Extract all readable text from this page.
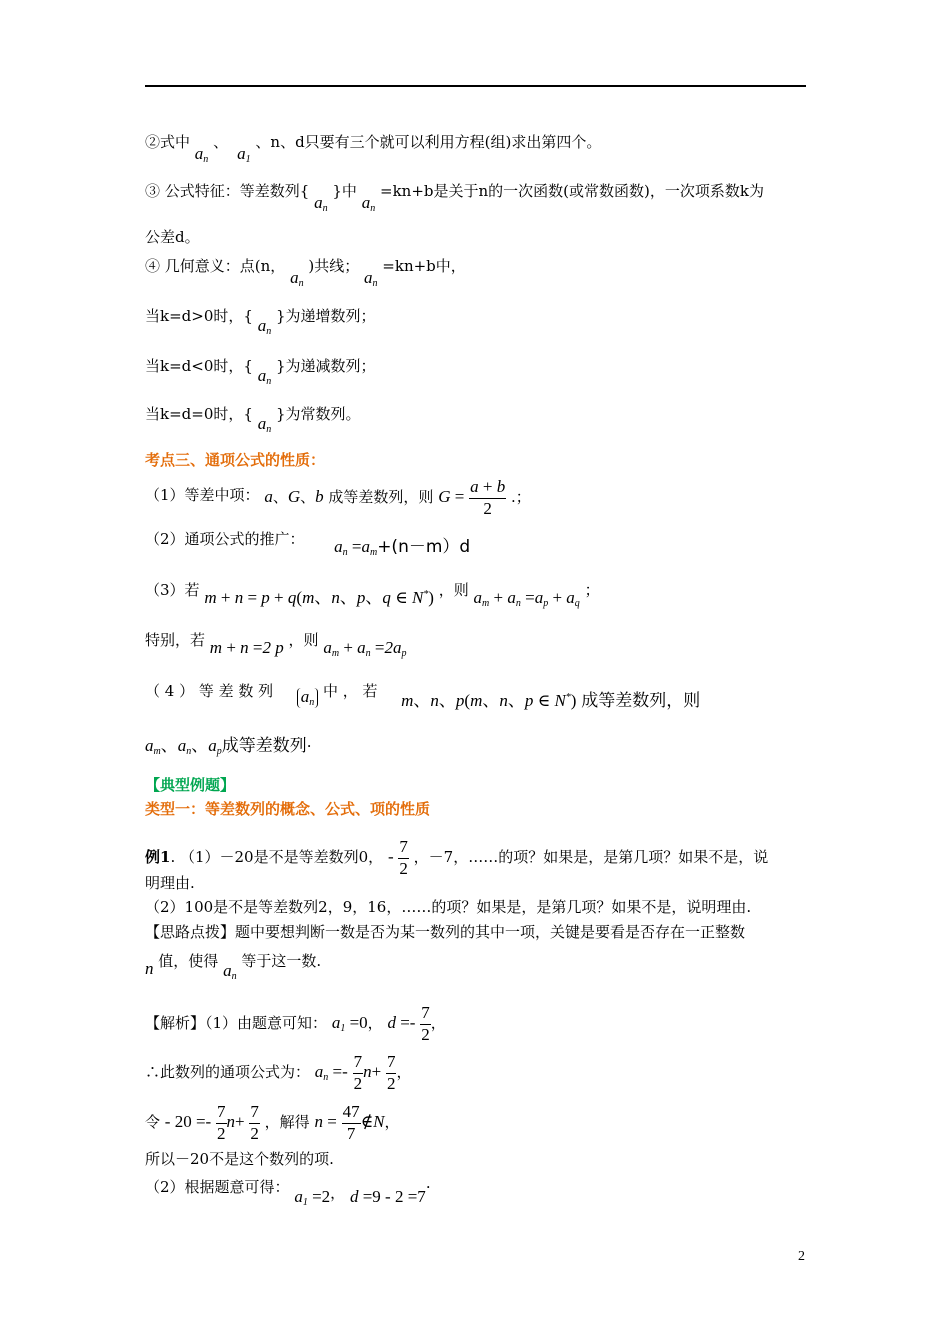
②式中 $a_n$ 、  $a_1$ 、n、d只要有三个就可以利用方程(组)求出第四个。
③ 公式特征：等差数列{ $a_n$ }中 $a_n =kn+b$是关于n的一次函数(或常数函数)，一次项系数k为
公差d。
④ 几何意义：点(n， $a_n$ )共线； $a_n =kn+b$中，
当k=d>0时，{ $a_n$ }为递增数列；
当k=d<0时，{ $a_n$ }为递减数列；
当k=d=0时，{ $a_n$ }为常数列。
考点三、通项公式的性质：
（1）等差中项： a、G、b 成等差数列，则 $G = \frac{a + b}{2}$ .；
（2）通项公式的推广： $a_n =a_m+(n-m)d$
（3）若 m + n = p + q(m、n、p、q ∈ N*) ，则 $a_m + a_n =a_p + a_q$ ；
特别，若 m + n =2 p ，则 $a_m + a_n =2a_p$
（ 4 ） 等 差 数 列 $a_n$ 中 ， 若 m、n、p(m、n、p ∈ N*) 成等差数列，则
$a_m$、$a_n$、$a_p$成等差数列·
【典型例题】
类型一：等差数列的概念、公式、项的性质
例1. （1）－20是不是等差数列0， - $\frac{7}{2}$ ，－7，……的项？如果是，是第几项？如果不是，说
明理由.
（2）100是不是等差数列2，9，16，……的项？如果是，是第几项？如果不是，说明理由.
【思路点拨】题中要想判断一数是否为某一数列的其中一项，关键是要看是否存在一正整数
n 值，使得 $a_n$ 等于这一数.
【解析】（1）由题意可知： $a_1 =0$， $d =- \frac{7}{2}$ ，
∴此数列的通项公式为： $a_n =- \frac{7}{2} n+ \frac{7}{2}$ ，
令 - $20 =- \frac{7}{2} n+ \frac{7}{2}$ ，解得 $n = \frac{47}{7}$ ∉N，
所以－20不是这个数列的项.
（2）根据题意可得： $a_1 =2$， d =9 - 2 =7·
2
